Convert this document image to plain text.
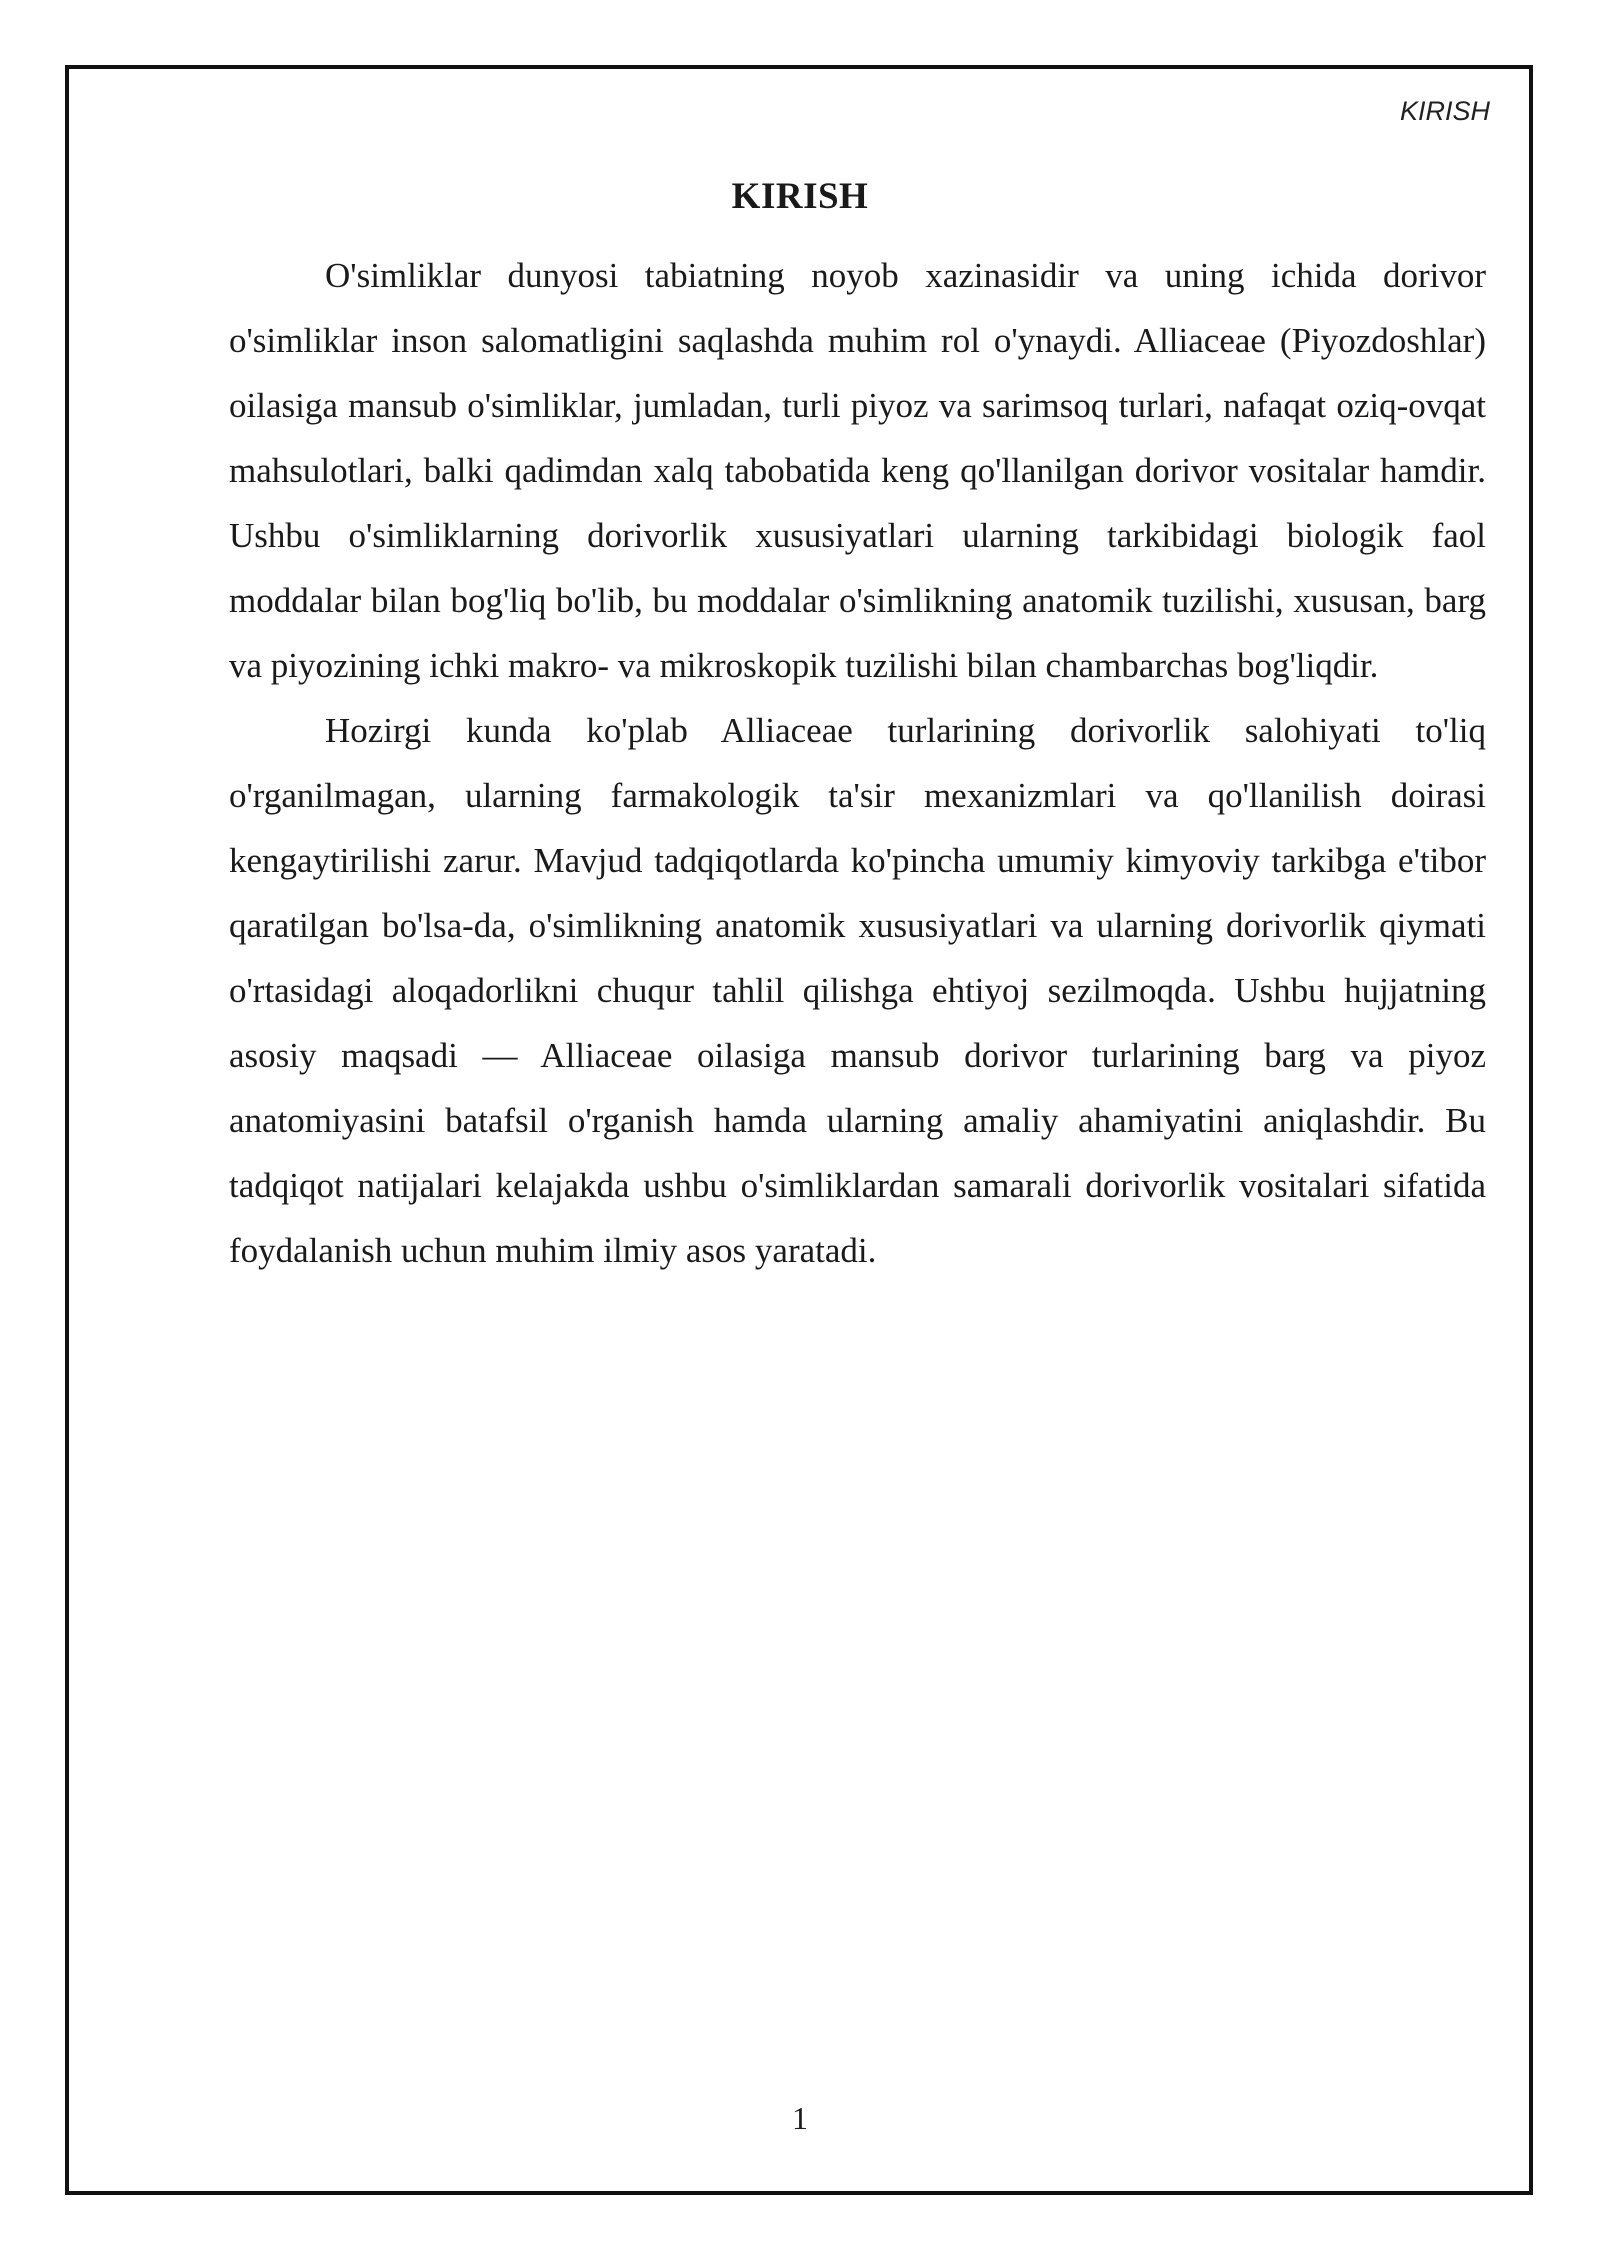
KIRISH
KIRISH

O'simliklar dunyosi tabiatning noyob xazinasidir va uning ichida dorivor o'simliklar inson salomatligini saqlashda muhim rol o'ynaydi. Alliaceae (Piyozdoshlar) oilasiga mansub o'simliklar, jumladan, turli piyoz va sarimsoq turlari, nafaqat oziq-ovqat mahsulotlari, balki qadimdan xalq tabobatida keng qo'llanilgan dorivor vositalar hamdir. Ushbu o'simliklarning dorivorlik xususiyatlari ularning tarkibidagi biologik faol moddalar bilan bog'liq bo'lib, bu moddalar o'simlikning anatomik tuzilishi, xususan, barg va piyozining ichki makro- va mikroskopik tuzilishi bilan chambarchas bog'liqdir.

Hozirgi kunda ko'plab Alliaceae turlarining dorivorlik salohiyati to'liq o'rganilmagan, ularning farmakologik ta'sir mexanizmlari va qo'llanilish doirasi kengaytirilishi zarur. Mavjud tadqiqotlarda ko'pincha umumiy kimyoviy tarkibga e'tibor qaratilgan bo'lsa-da, o'simlikning anatomik xususiyatlari va ularning dorivorlik qiymati o'rtasidagi aloqadorlikni chuqur tahlil qilishga ehtiyoj sezilmoqda. Ushbu hujjatning asosiy maqsadi — Alliaceae oilasiga mansub dorivor turlarining barg va piyoz anatomiyasini batafsil o'rganish hamda ularning amaliy ahamiyatini aniqlashdir. Bu tadqiqot natijalari kelajakda ushbu o'simliklardan samarali dorivorlik vositalari sifatida foydalanish uchun muhim ilmiy asos yaratadi.

1
